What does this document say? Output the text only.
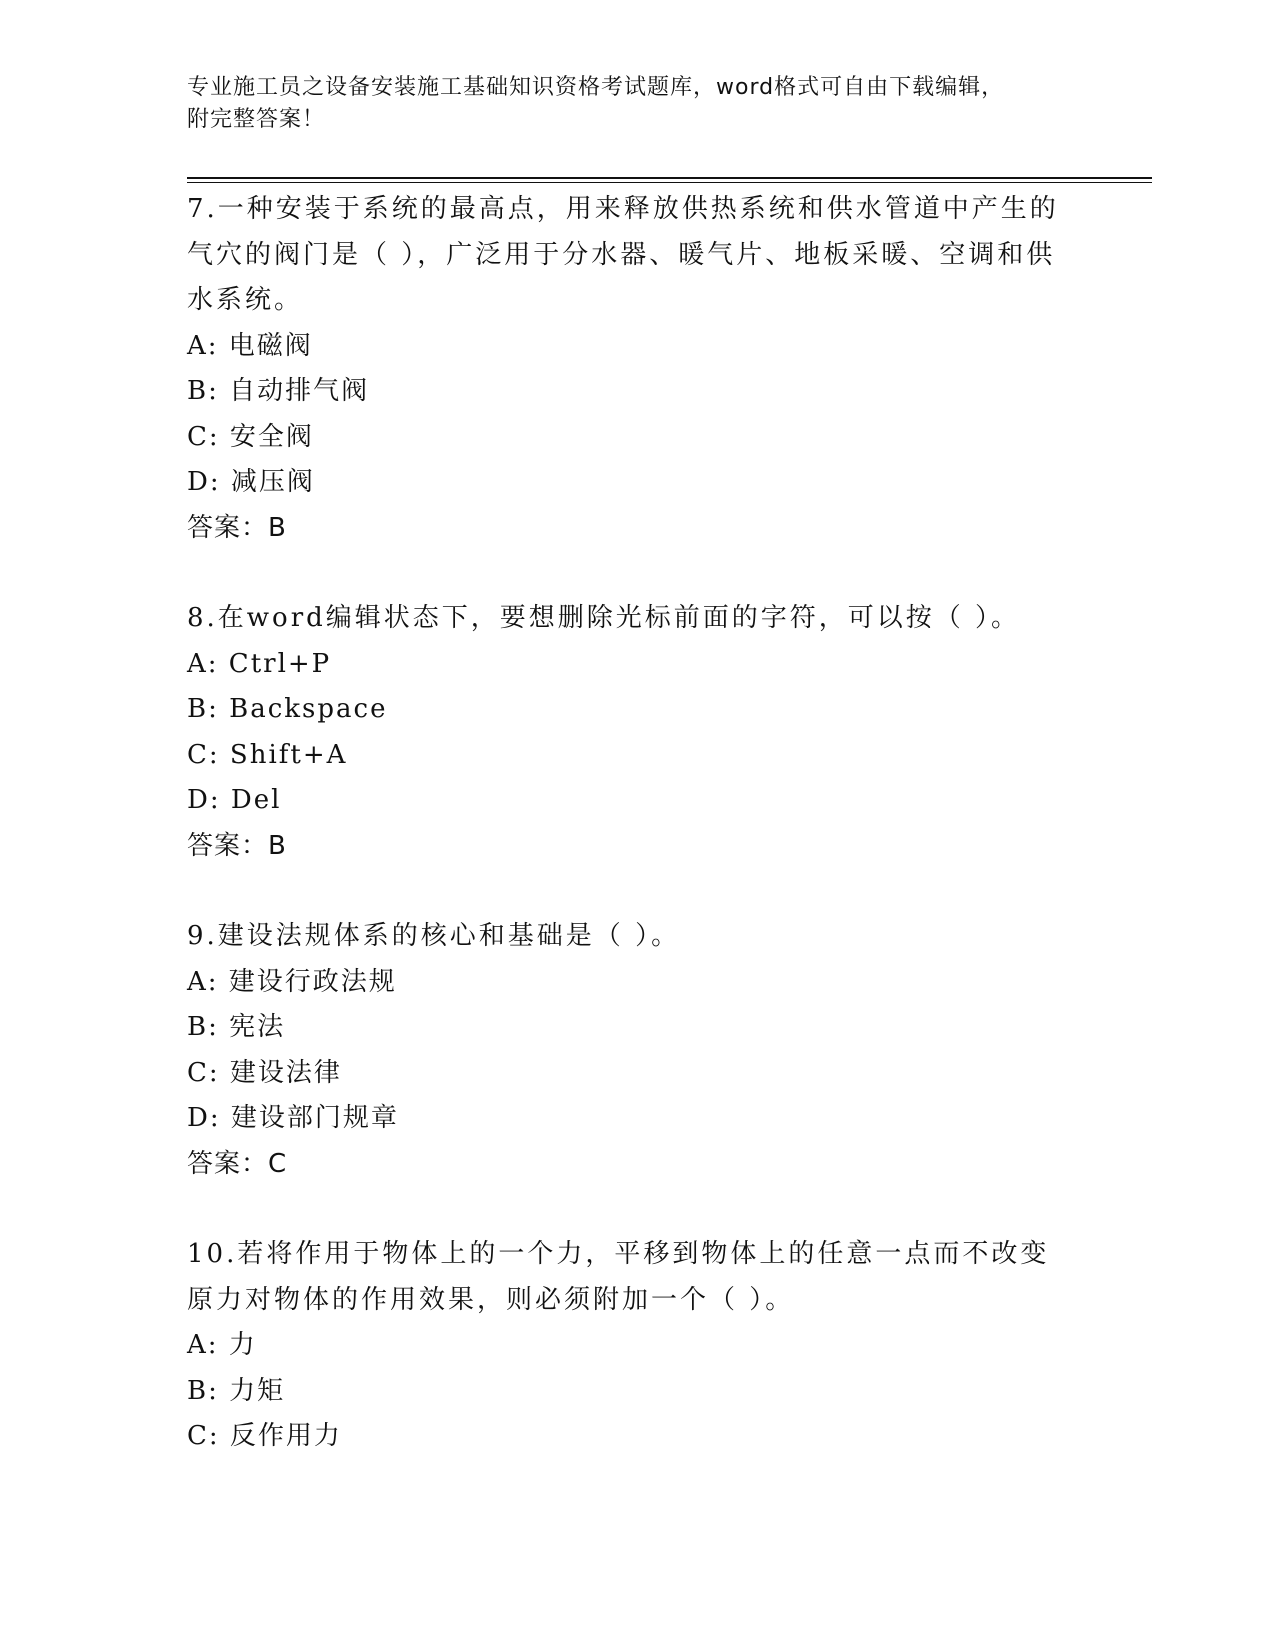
专业施工员之设备安装施工基础知识资格考试题库，word格式可自由下载编辑，
附完整答案！

7.一种安装于系统的最高点，用来释放供热系统和供水管道中产生的气穴的阀门是（ ），广泛用于分水器、暖气片、地板采暖、空调和供水系统。

A: 电磁阀

B: 自动排气阀

C: 安全阀

D: 减压阀

答案：B

8.在word编辑状态下，要想删除光标前面的字符，可以按（ ）。

A: Ctrl+P

B: Backspace

C: Shift+A

D: Del

答案：B

9.建设法规体系的核心和基础是（ ）。

A: 建设行政法规

B: 宪法

C: 建设法律

D: 建设部门规章

答案：C

10.若将作用于物体上的一个力，平移到物体上的任意一点而不改变原力对物体的作用效果，则必须附加一个（ ）。

A: 力

B: 力矩

C: 反作用力
